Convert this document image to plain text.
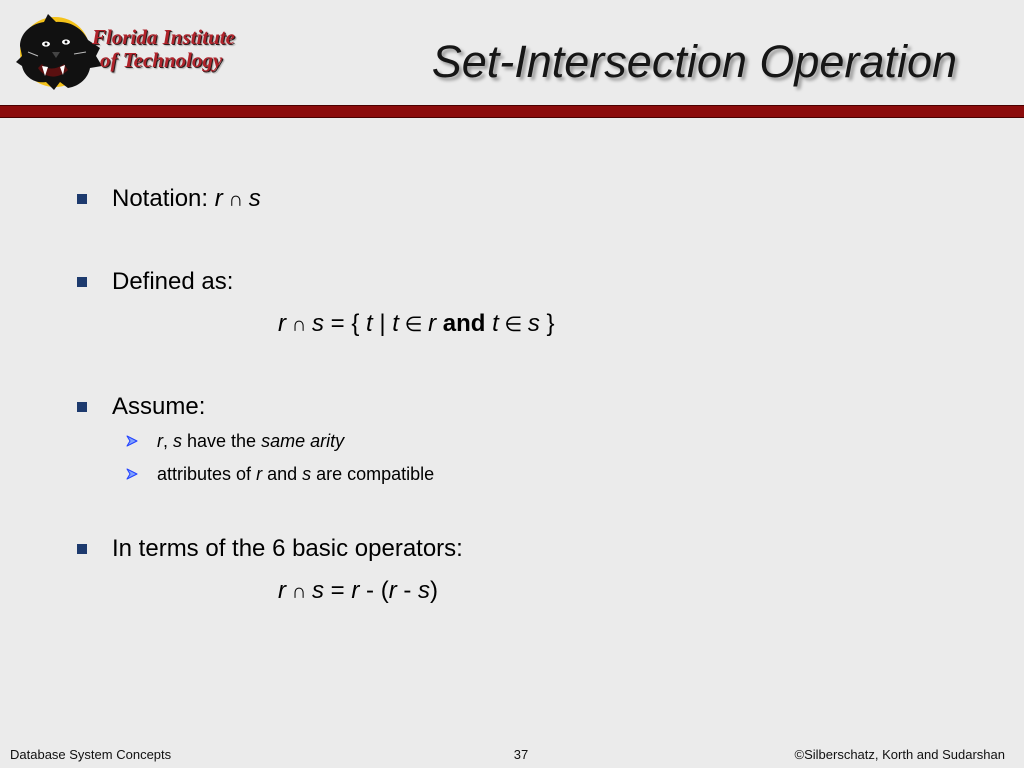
Florida Institute
of Technology	Set-Intersection Operation
Notation: r ∩ s
Defined as:
r ∩ s = { t | t ∈ r and t ∈ s }
Assume:
r, s have the same arity
attributes of r and s are compatible
In terms of the 6 basic operators:
r ∩ s = r - (r - s)
Database System Concepts	37	©Silberschatz, Korth and Sudarshan
